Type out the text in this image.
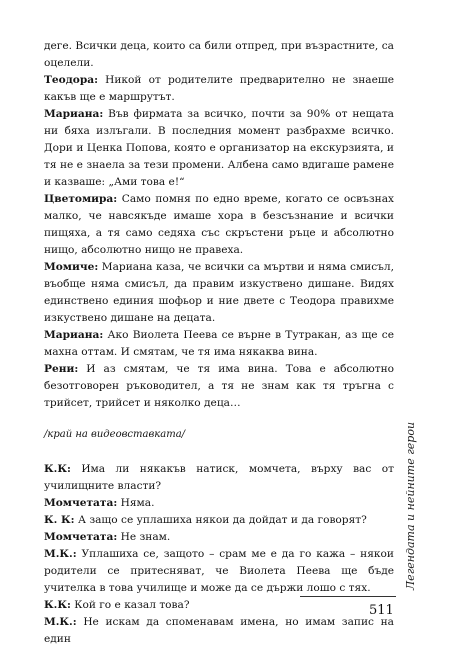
деге. Всички деца, които са били отпред, при възрастните, са оцелели.

Теодора: Никой от родителите предварително не знаеше какъв ще е маршрутът.

Мариана: Във фирмата за всичко, почти за 90% от нещата ни бяха излъгали. В последния момент разбрахме всичко. Дори и Ценка Попова, която е организатор на екскурзията, и тя не е знаела за тези промени. Албена само вдигаше рамене и казваше: „Ами това е!“

Цветомира: Само помня по едно време, когато се освъзнах малко, че навсякъде имаше хора в безсъзнание и всички пищяха, а тя само седяха със скръстени ръце и абсолютно нищо, абсолютно нищо не правеха.

Момиче: Мариана каза, че всички са мъртви и няма смисъл, въобще няма смисъл, да правим изкуствено дишане. Видях единствено единия шофьор и ние двете с Теодора правихме изкуствено дишане на децата.

Мариана: Ако Виолета Пеева се върне в Тутракан, аз ще се махна оттам. И смятам, че тя има някаква вина.

Рени: И аз смятам, че тя има вина. Това е абсолютно безотговорен ръководител, а тя не знам как тя тръгна с трийсет, трийсет и няколко деца…

/край на видеовставката/

К.К: Има ли някакъв натиск, момчета, върху вас от училищните власти?

Момчетата: Няма.

К. К: А защо се уплашиха някои да дойдат и да говорят?

Момчетата: Не знам.

М.К.: Уплашиха се, защото – срам ме е да го кажа – някои родители се притесняват, че Виолета Пеева ще бъде учителка в това училище и може да се държи лошо с тях.

К.К: Кой го е казал това?

М.К.: Не искам да споменавам имена, но имам запис на един

Легендата и нейните герои
511
